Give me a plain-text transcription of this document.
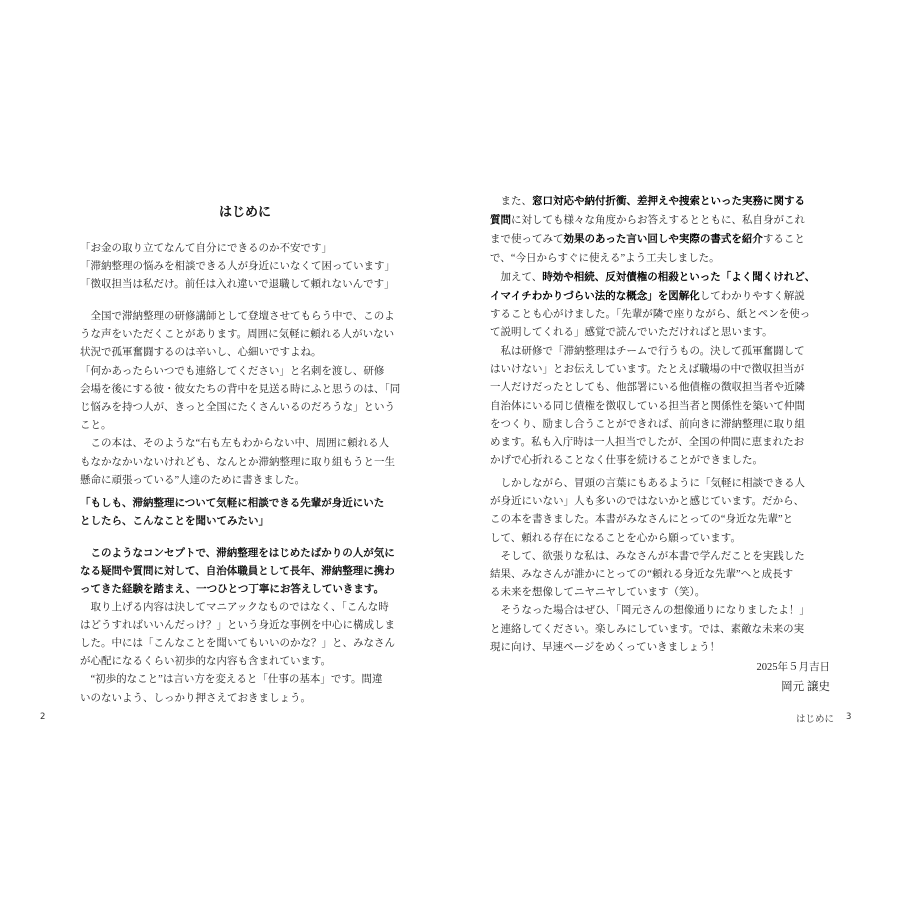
はじめに

「お金の取り立てなんて自分にできるのか不安です」

「滞納整理の悩みを相談できる人が身近にいなくて困っています」

「徴収担当は私だけ。前任は入れ違いで退職して頼れないんです」

　全国で滞納整理の研修講師として登壇させてもらう中で、このよ

うな声をいただくことがあります。周囲に気軽に頼れる人がいない

状況で孤軍奮闘するのは辛いし、心細いですよね。

「何かあったらいつでも連絡してください」と名刺を渡し、研修

会場を後にする彼・彼女たちの背中を見送る時にふと思うのは、「同

じ悩みを持つ人が、きっと全国にたくさんいるのだろうな」という

こと。

　この本は、そのような“右も左もわからない中、周囲に頼れる人

もなかなかいないけれども、なんとか滞納整理に取り組もうと一生

懸命に頑張っている”人達のために書きました。

「もしも、滞納整理について気軽に相談できる先輩が身近にいた

としたら、こんなことを聞いてみたい」

　このようなコンセプトで、滞納整理をはじめたばかりの人が気に

なる疑問や質問に対して、自治体職員として長年、滞納整理に携わ

ってきた経験を踏まえ、一つひとつ丁寧にお答えしていきます。

　取り上げる内容は決してマニアックなものではなく、「こんな時

はどうすればいいんだっけ？」という身近な事例を中心に構成しま

した。中には「こんなことを聞いてもいいのかな？」と、みなさん

が心配になるくらい初歩的な内容も含まれています。

　“初歩的なこと”は言い方を変えると「仕事の基本」です。間違

いのないよう、しっかり押さえておきましょう。

2

　また、窓口対応や納付折衝、差押えや捜索といった実務に関する

質問に対しても様々な角度からお答えするとともに、私自身がこれ

まで使ってみて効果のあった言い回しや実際の書式を紹介すること

で、“今日からすぐに使える”よう工夫しました。

　加えて、時効や相続、反対債権の相殺といった「よく聞くけれど、

イマイチわかりづらい法的な概念」を図解化してわかりやすく解説

することも心がけました。「先輩が隣で座りながら、紙とペンを使っ

て説明してくれる」感覚で読んでいただければと思います。

　私は研修で「滞納整理はチームで行うもの。決して孤軍奮闘して

はいけない」とお伝えしています。たとえば職場の中で徴収担当が

一人だけだったとしても、他部署にいる他債権の徴収担当者や近隣

自治体にいる同じ債権を徴収している担当者と関係性を築いて仲間

をつくり、励まし合うことができれば、前向きに滞納整理に取り組

めます。私も入庁時は一人担当でしたが、全国の仲間に恵まれたお

かげで心折れることなく仕事を続けることができました。

　しかしながら、冒頭の言葉にもあるように「気軽に相談できる人

が身近にいない」人も多いのではないかと感じています。だから、

この本を書きました。本書がみなさんにとっての“身近な先輩”と

して、頼れる存在になることを心から願っています。

　そして、欲張りな私は、みなさんが本書で学んだことを実践した

結果、みなさんが誰かにとっての“頼れる身近な先輩”へと成長す

る未来を想像してニヤニヤしています（笑）。

　そうなった場合はぜひ、「岡元さんの想像通りになりましたよ！」

と連絡してください。楽しみにしています。では、素敵な未来の実

現に向け、早速ページをめくっていきましょう！

2025年５月吉日
岡元 譲史
はじめに 3
